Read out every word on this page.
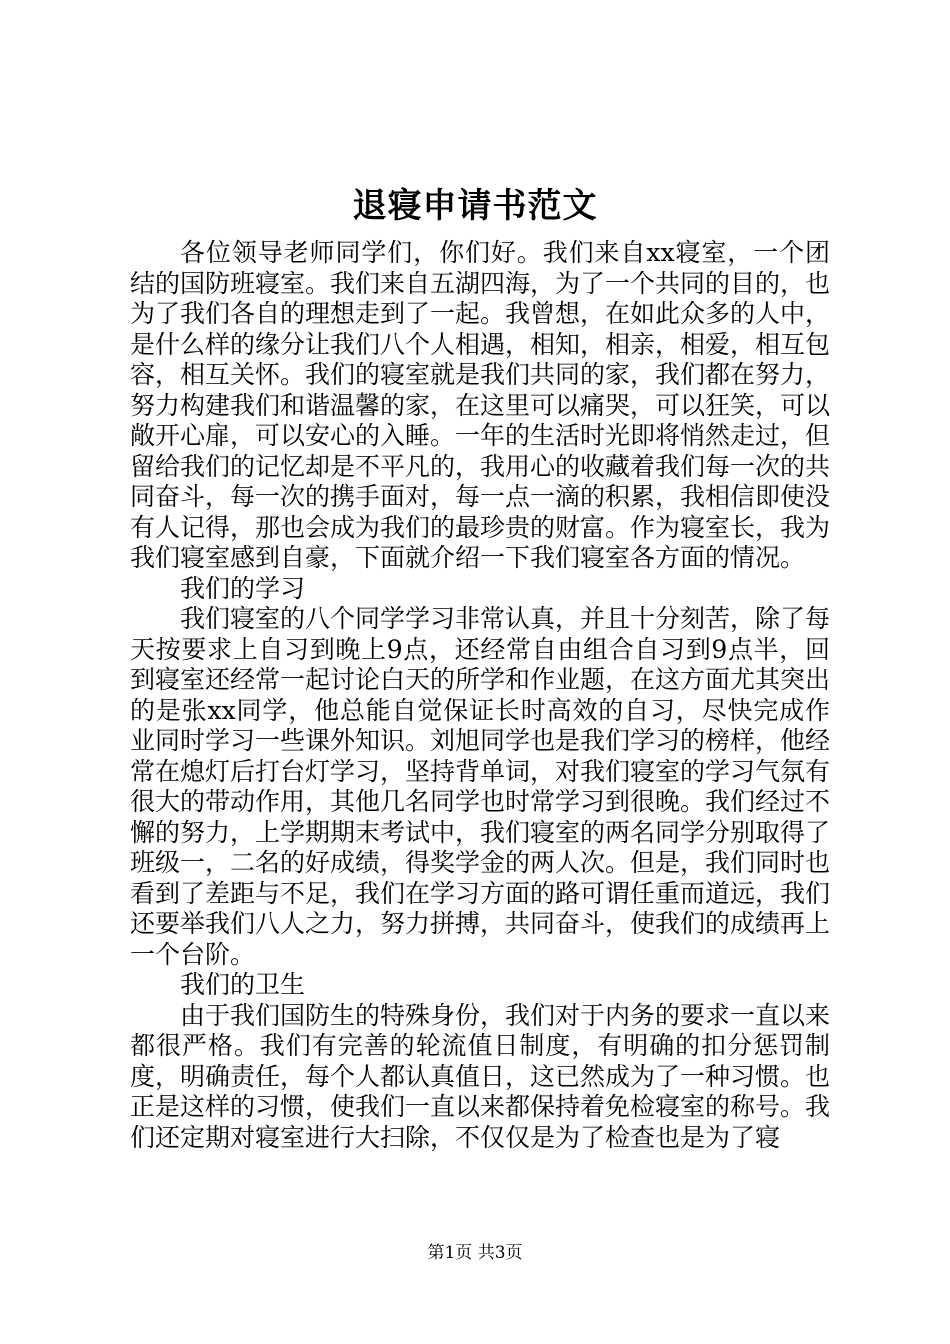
退寝申请书范文

各位领导老师同学们，你们好。我们来自xx寝室，一个团结的国防班寝室。我们来自五湖四海，为了一个共同的目的，也为了我们各自的理想走到了一起。我曾想，在如此众多的人中，是什么样的缘分让我们八个人相遇，相知，相亲，相爱，相互包容，相互关怀。我们的寝室就是我们共同的家，我们都在努力，努力构建我们和谐温馨的家，在这里可以痛哭，可以狂笑，可以敞开心扉，可以安心的入睡。一年的生活时光即将悄然走过，但留给我们的记忆却是不平凡的，我用心的收藏着我们每一次的共同奋斗，每一次的携手面对，每一点一滴的积累，我相信即使没有人记得，那也会成为我们的最珍贵的财富。作为寝室长，我为我们寝室感到自豪，下面就介绍一下我们寝室各方面的情况。

我们的学习

我们寝室的八个同学学习非常认真，并且十分刻苦，除了每天按要求上自习到晚上9点，还经常自由组合自习到9点半，回到寝室还经常一起讨论白天的所学和作业题，在这方面尤其突出的是张xx同学，他总能自觉保证长时高效的自习，尽快完成作业同时学习一些课外知识。刘旭同学也是我们学习的榜样，他经常在熄灯后打台灯学习，坚持背单词，对我们寝室的学习气氛有很大的带动作用，其他几名同学也时常学习到很晚。我们经过不懈的努力，上学期期末考试中，我们寝室的两名同学分别取得了班级一，二名的好成绩，得奖学金的两人次。但是，我们同时也看到了差距与不足，我们在学习方面的路可谓任重而道远，我们还要举我们八人之力，努力拼搏，共同奋斗，使我们的成绩再上一个台阶。

我们的卫生

由于我们国防生的特殊身份，我们对于内务的要求一直以来都很严格。我们有完善的轮流值日制度，有明确的扣分惩罚制度，明确责任，每个人都认真值日，这已然成为了一种习惯。也正是这样的习惯，使我们一直以来都保持着免检寝室的称号。我们还定期对寝室进行大扫除，不仅仅是为了检查也是为了寝

第1页 共3页
